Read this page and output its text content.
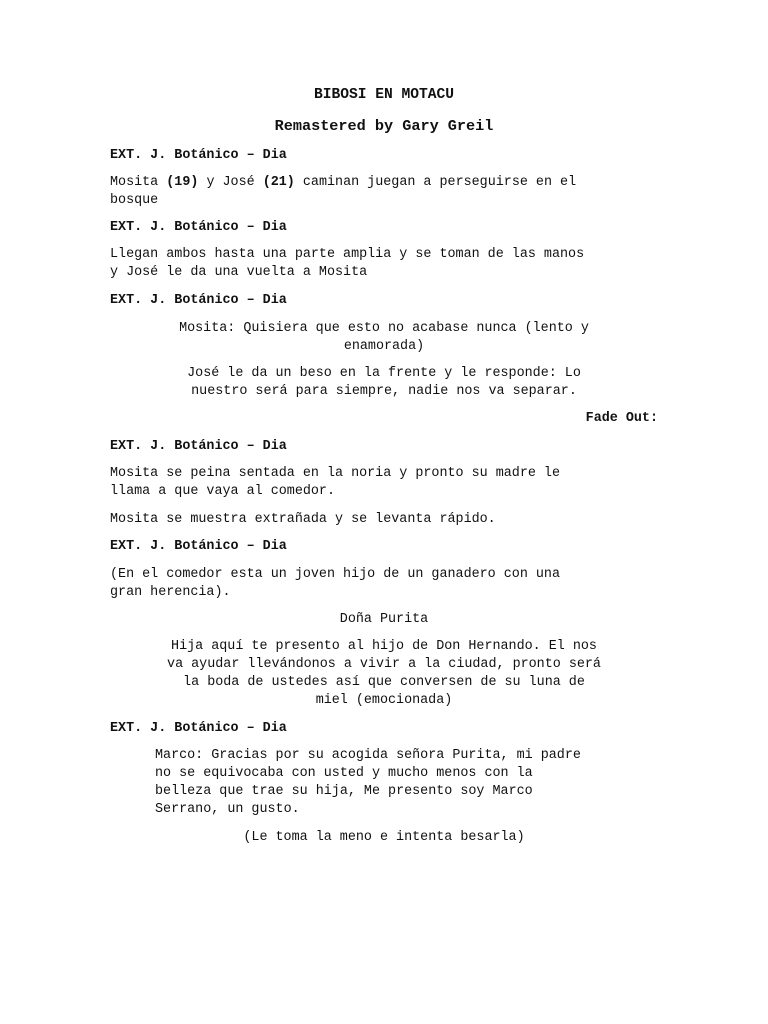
BIBOSI EN MOTACU
Remastered by Gary Greil
EXT. J. Botánico – Dia
Mosita (19) y José (21) caminan juegan a perseguirse en el
bosque
EXT. J. Botánico – Dia
Llegan ambos hasta una parte amplia y se toman de las manos
y José le da una vuelta a Mosita
EXT. J. Botánico – Dia
Mosita: Quisiera que esto no acabase nunca (lento y
enamorada)
José le da un beso en la frente y le responde: Lo
nuestro será para siempre, nadie nos va separar.
Fade Out:
EXT. J. Botánico – Dia
Mosita se peina sentada en la noria y pronto su madre le
llama a que vaya al comedor.
Mosita se muestra extrañada y se levanta rápido.
EXT. J. Botánico – Dia
(En el comedor esta un joven hijo de un ganadero con una
gran herencia).
Doña Purita
Hija aquí te presento al hijo de Don Hernando. El nos
va ayudar llevándonos a vivir a la ciudad, pronto será
la boda de ustedes así que conversen de su luna de
miel (emocionada)
EXT. J. Botánico – Dia
Marco: Gracias por su acogida señora Purita, mi padre
no se equivocaba con usted y mucho menos con la
belleza que trae su hija, Me presento soy Marco
Serrano, un gusto.
(Le toma la meno e intenta besarla)
